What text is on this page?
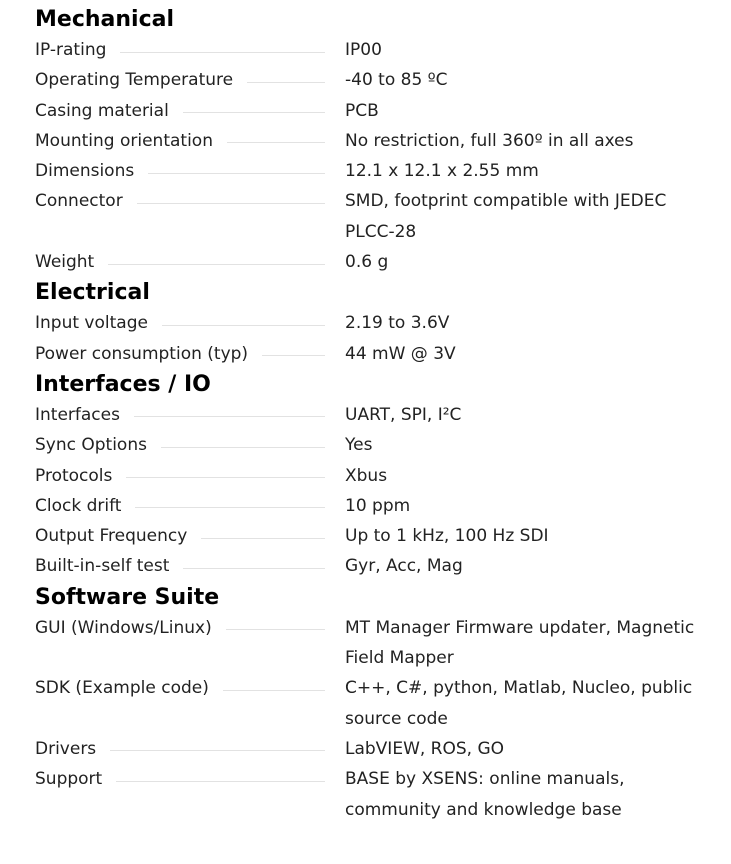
Mechanical
IP-rating	IP00
Operating Temperature	-40 to 85 ºC
Casing material	PCB
Mounting orientation	No restriction, full 360º in all axes
Dimensions	12.1 x 12.1 x 2.55 mm
Connector	SMD, footprint compatible with JEDEC PLCC-28
Weight	0.6 g
Electrical
Input voltage	2.19 to 3.6V
Power consumption (typ)	44 mW @ 3V
Interfaces / IO
Interfaces	UART, SPI, I²C
Sync Options	Yes
Protocols	Xbus
Clock drift	10 ppm
Output Frequency	Up to 1 kHz, 100 Hz SDI
Built-in-self test	Gyr, Acc, Mag
Software Suite
GUI (Windows/Linux)	MT Manager Firmware updater, Magnetic Field Mapper
SDK (Example code)	C++, C#, python, Matlab, Nucleo, public source code
Drivers	LabVIEW, ROS, GO
Support	BASE by XSENS: online manuals, community and knowledge base
